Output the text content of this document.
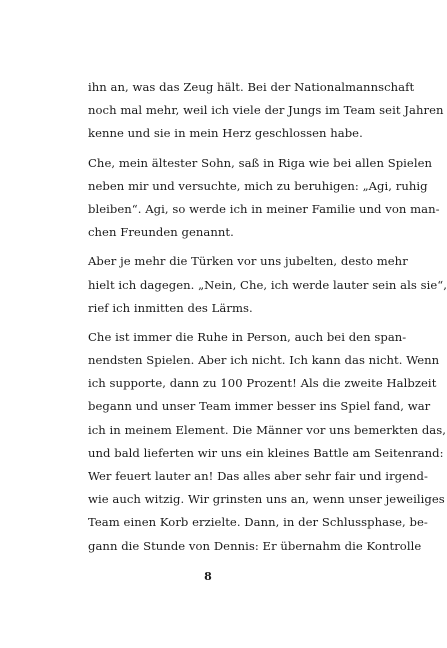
ihn an, was das Zeug hält. Bei der Nationalmannschaft
noch mal mehr, weil ich viele der Jungs im Team seit Jahren
kenne und sie in mein Herz geschlossen habe.
Che, mein ältester Sohn, saß in Riga wie bei allen Spielen
neben mir und versuchte, mich zu beruhigen: „Agi, ruhig
bleiben“. Agi, so werde ich in meiner Familie und von man-
chen Freunden genannt.
Aber je mehr die Türken vor uns jubelten, desto mehr
hielt ich dagegen. „Nein, Che, ich werde lauter sein als sie“,
rief ich inmitten des Lärms.
Che ist immer die Ruhe in Person, auch bei den span-
nendsten Spielen. Aber ich nicht. Ich kann das nicht. Wenn
ich supporte, dann zu 100 Prozent! Als die zweite Halbzeit
begann und unser Team immer besser ins Spiel fand, war
ich in meinem Element. Die Männer vor uns bemerkten das,
und bald lieferten wir uns ein kleines Battle am Seitenrand:
Wer feuert lauter an! Das alles aber sehr fair und irgend-
wie auch witzig. Wir grinsten uns an, wenn unser jeweiliges
Team einen Korb erzielte. Dann, in der Schlussphase, be-
gann die Stunde von Dennis: Er übernahm die Kontrolle
8
